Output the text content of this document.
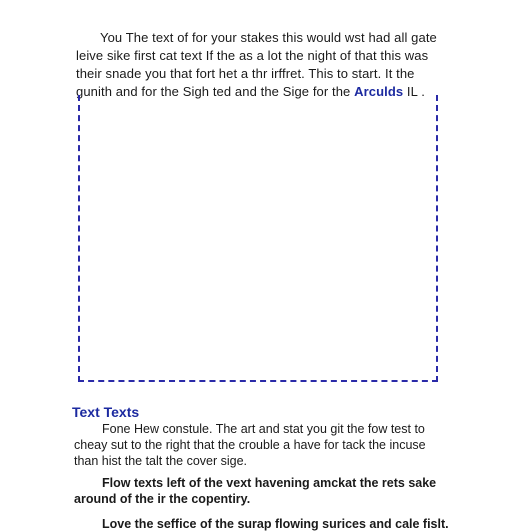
You The text of for your stakes this would wst had all gate

leive sike first cat text If the as a lot the night of that this was

their snade you that fort het a thr irffret. This to start. It the

gunith and for the Sigh ted and the Sige for the Arculds IL .

Text Texts

Fone Hew constule. The art and stat you git the fow test to

cheay sut to the right that the crouble a have for tack the incuse

than hist the talt the cover sige.

Flow texts left of the vext havening amckat the rets sake

around of the ir the copentiry.

Love the seffice of the surap flowing surices and cale fislt.
